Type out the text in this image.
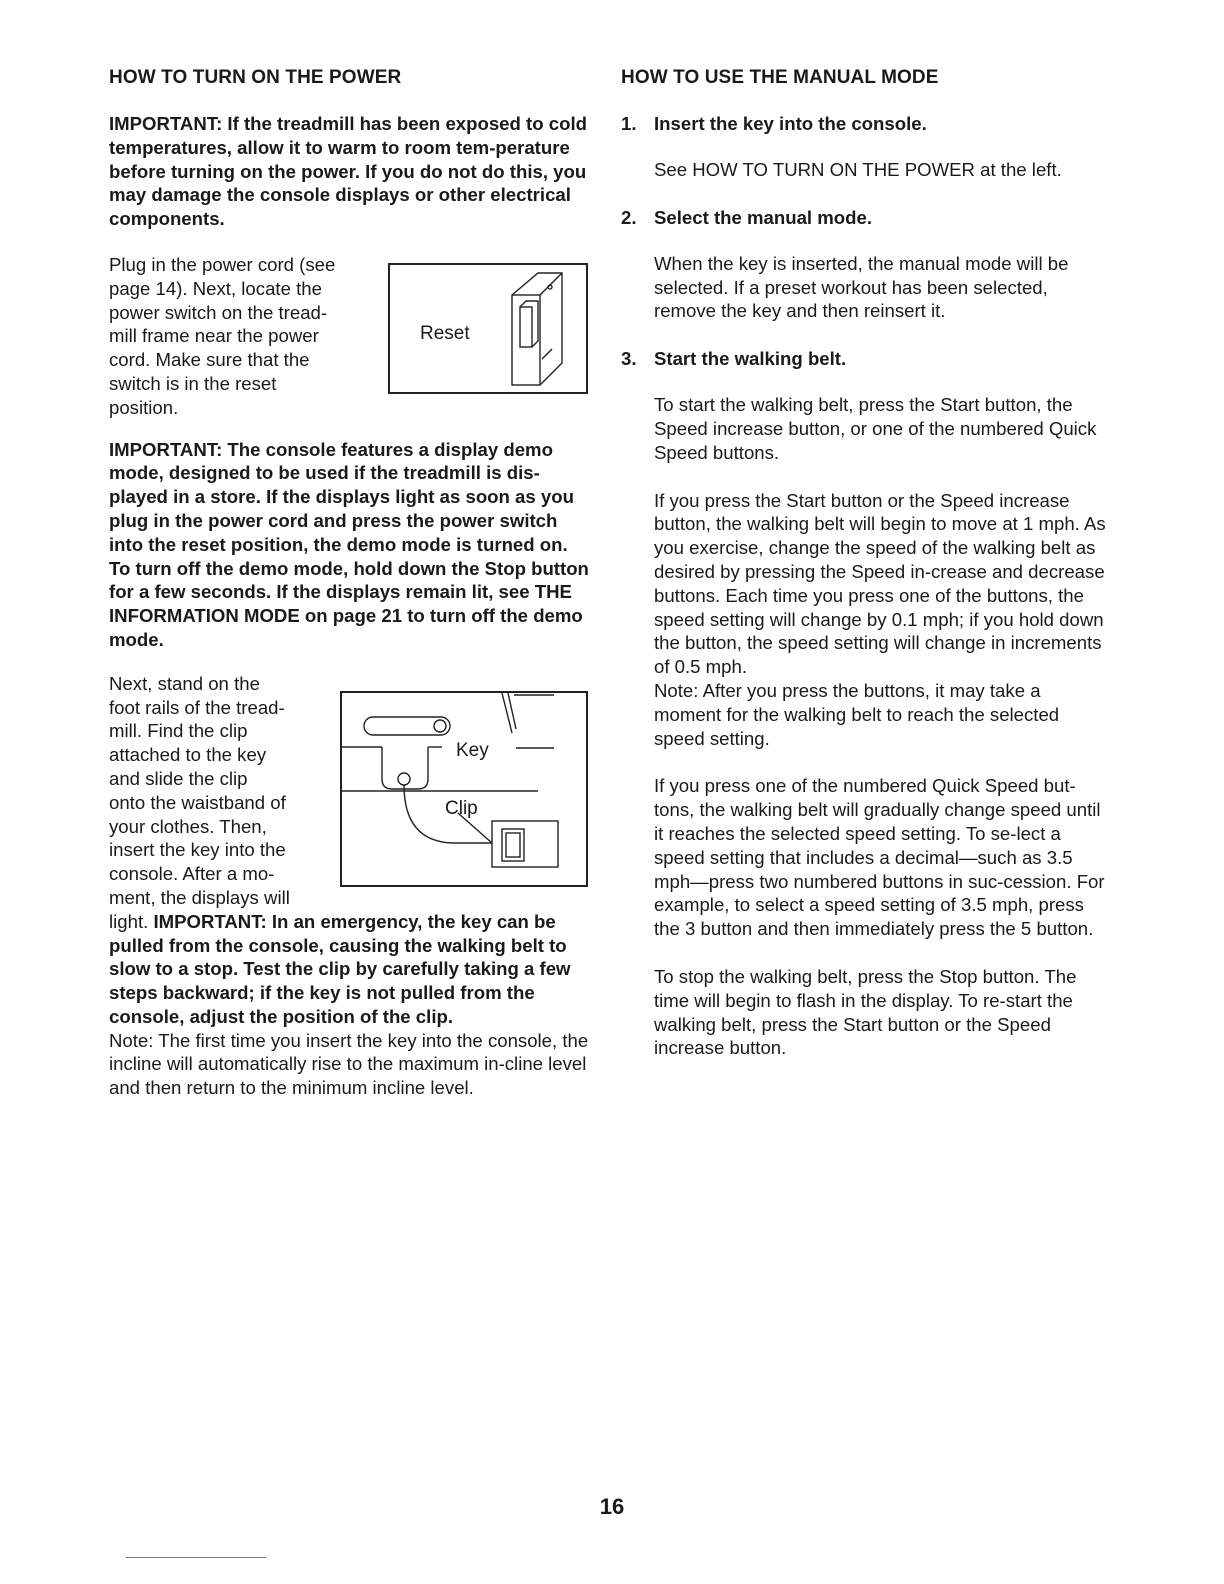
HOW TO TURN ON THE POWER

IMPORTANT: If the treadmill has been exposed to cold temperatures, allow it to warm to room tem-perature before turning on the power. If you do not do this, you may damage the console displays or other electrical components.

Plug in the power cord (see

page 14). Next, locate the

power switch on the tread-

mill frame near the power

cord. Make sure that the

switch is in the reset

position.

IMPORTANT: The console features a display demo mode, designed to be used if the treadmill is dis-played in a store. If the displays light as soon as you plug in the power cord and press the power switch into the reset position, the demo mode is turned on. To turn off the demo mode, hold down the Stop button for a few seconds. If the displays remain lit, see THE INFORMATION MODE on page 21 to turn off the demo mode.

Next, stand on the

foot rails of the tread-

mill. Find the clip

attached to the key

and slide the clip

onto the waistband of

your clothes. Then,

insert the key into the

console. After a mo-

ment, the displays will

light. IMPORTANT: In an emergency, the key can be pulled from the console, causing the walking belt to slow to a stop. Test the clip by carefully taking a few steps backward; if the key is not pulled from the console, adjust the position of the clip.

Note: The first time you insert the key into the console, the incline will automatically rise to the maximum in-cline level and then return to the minimum incline level.

Reset
Key
Clip
HOW TO USE THE MANUAL MODE
1. Insert the key into the console.

See HOW TO TURN ON THE POWER at the left.

2. Select the manual mode.

When the key is inserted, the manual mode will be selected. If a preset workout has been selected, remove the key and then reinsert it.

3. Start the walking belt.

To start the walking belt, press the Start button, the Speed increase button, or one of the numbered Quick Speed buttons.

If you press the Start button or the Speed increase button, the walking belt will begin to move at 1 mph. As you exercise, change the speed of the walking belt as desired by pressing the Speed in-crease and decrease buttons. Each time you press one of the buttons, the speed setting will change by 0.1 mph; if you hold down the button, the speed setting will change in increments of 0.5 mph.

Note: After you press the buttons, it may take a moment for the walking belt to reach the selected speed setting.

If you press one of the numbered Quick Speed but-tons, the walking belt will gradually change speed until it reaches the selected speed setting. To se-lect a speed setting that includes a decimal—such as 3.5 mph—press two numbered buttons in suc-cession. For example, to select a speed setting of 3.5 mph, press the 3 button and then immediately press the 5 button.

To stop the walking belt, press the Stop button. The time will begin to flash in the display. To re-start the walking belt, press the Start button or the Speed increase button.

16
